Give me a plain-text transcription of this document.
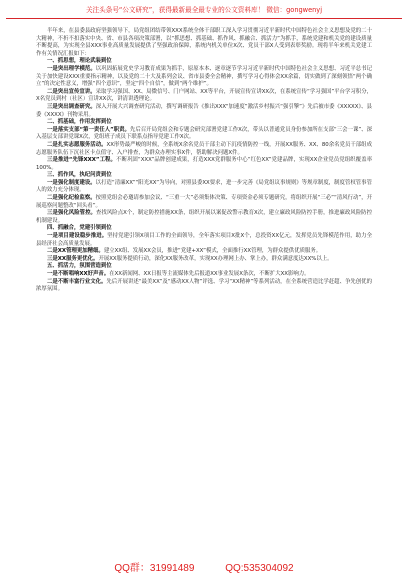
关注头条号“公文研究”，获得最新最全最专业的公文资料库！ 微信：gongwenyj

半年来，在县委县政府坚强领导下，局党组团结带领XXX系统全体干部职工深入学习贯彻习近平新时代中国特色社会主义思想及党的二十大精神，不折不扣落实中央、省、市县各项决策部署，以“抓思想、抓基础、抓作风、抓融合、抓活力”为抓手，系统党建和机关党的建设质量不断提高，为实现全县XXX事业高质量发展提供了坚强政治保障，系统内机关单位X次、党员干部X人受到表彰奖励。现将半年来机关党建工作有关情况汇报如下：

一、抓思想，理论武装到位

一是突出理学模范。以巩固拓展党史学习教育成果为抓手，原原本本、逐章逐节学习习近平新时代中国特色社会主义思想、习近平总书记关于加快建设XXX重要指示精神，以及党的二十大及系列会议、省市县委全会精神，撰写学习心得体会XX余篇，切实做到了深刻领悟“两个确立”的决定性意义，增强“四个意识”，坚定“四个自信”，做到“两个维护”。

二是突出宣传宣讲。采取学习强国、XX、局微信号、门户网站、XX等平台，开展宣传宣讲XX次，在系统宣传“学习强国”平台学习积分，X名党员到村（社区）宣讲XX次，讲清讲透理论。

三是突出调查研究。深入开展大兴调查研究活动，撰写调研报告《推出XXX“加速度”激活乡村振兴“强引擎”》先后被市委《XXXXX》、县委《XXXX》刊物采用。

二、抓基础，作用发挥到位

一是落实支部“第一责任人”职责。先后召开局党组会和专题会研究部署党建工作X次，带头以普通党员身份参加所在支部“三会一课”、深入基层支部讲党课X次，党组班子成员下联系点指导党建工作X次。

二是扎实志愿服务活动。XX形势最严峻的时候，全系统X余名党员干部主动下沉疫情防控一线，开展XX服务、XX、80余名党员干部组成志愿服务队伍下沉社区卡点值守、入户排查，为群众办理实事X件，帮助解决问题X件。

三是推进“先锋XXX”工程。不断巩固“XXX”品牌创建成果，打造XXX党群服务中心“红色XX”党建品牌，实现XX企业党员党组织覆盖率100%。

三、抓作风，执纪问责到位

一是强化制度建设。以打造“清廉XX”“阳光XX”为导向，对照县委XX要求，进一步完善《局党组议事规则》等规章制度，制度管权管事管人的效力充分体现。

二是强化纪检监察。按照党组会必邀请参加会议、“三重一大”必须集体决策、专项资金必须专题研究，将组织开展“三必”“清风行动”，开展巡察问题整改“回头看”。

三是强化风险管控。查找风险点X个，制定防控措施XX条，组织开展以案促改警示教育X次，建立廉政风险防控手册，推进廉政风险防控机制建设。

四、抓融合，党建引领到位

一是项目建设稳步推进。坚持党建引领X项目工作的全面领导，全年落实项目X批X个，总投资XX亿元，发挥党员先锋模范作用，助力全县经济社会高质量发展。

二是XX管理更加精细。建立XX组、发展XX会员，推进“党建+XX”模式，全面推行XX管理，为群众提供优质服务。

三是XX服务更优化。开展XX服务提质行动，深化XX服务改革，实现XX办理网上办、掌上办，群众满意度达XX%以上。

五、抓活力，氛围营造到位

一是不断唱响XX好声音。在XX新闻网、XX日报等主流媒体先后报道XX事业发展X条次，不断扩大XX影响力。

二是不断丰富行业文化。先后开展讲述“最美XX”及“感动XX人物”评选、学习“XX精神”等系列活动，在全系统营造比学赶超、争先创优的浓厚氛围。

QQ群：31991489	QQ:535304092
